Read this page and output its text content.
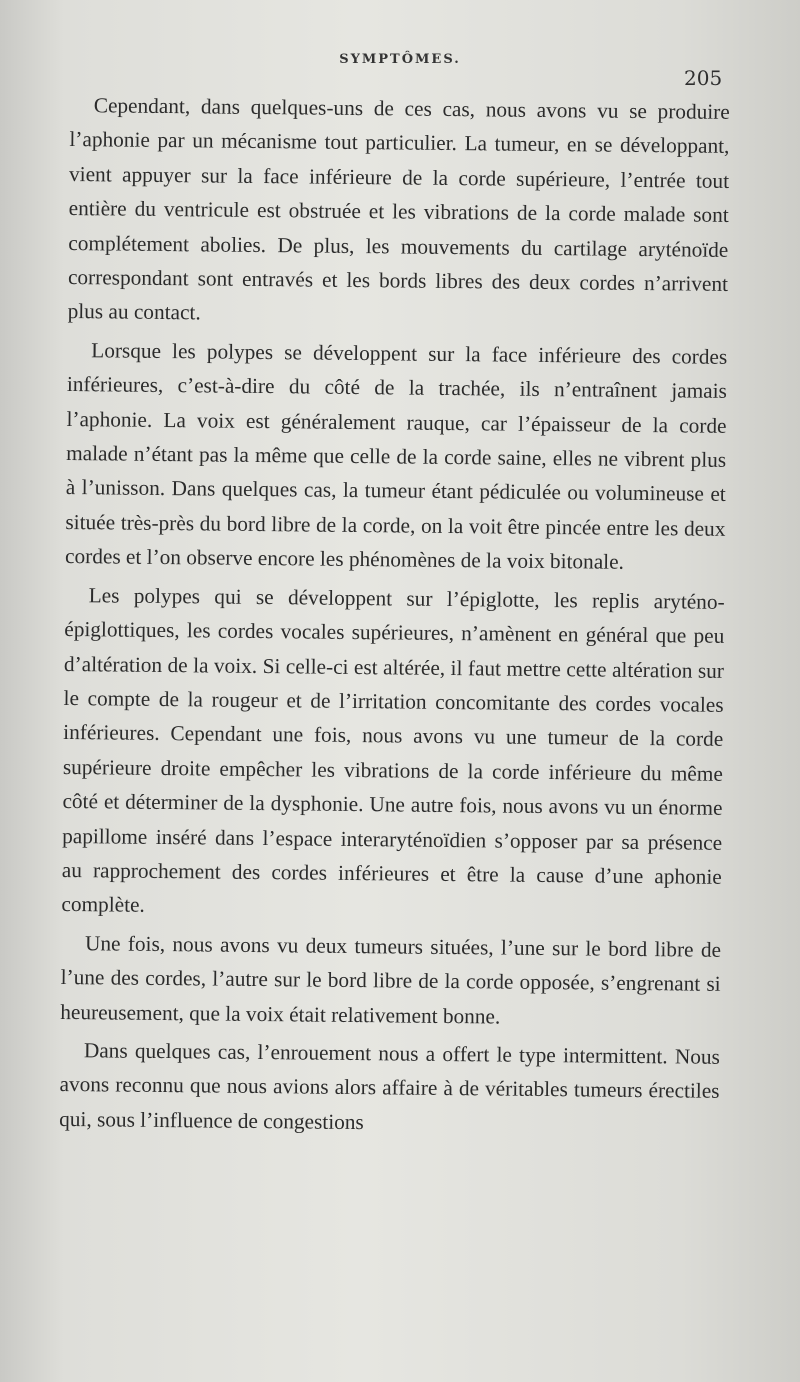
SYMPTÔMES.
205

Cependant, dans quelques-uns de ces cas, nous avons vu se produire l’aphonie par un mécanisme tout particulier. La tumeur, en se développant, vient appuyer sur la face inférieure de la corde supérieure, l’entrée tout entière du ventricule est obstruée et les vibrations de la corde malade sont complétement abolies. De plus, les mouvements du cartilage aryténoïde correspondant sont entravés et les bords libres des deux cordes n’arrivent plus au contact.

Lorsque les polypes se développent sur la face inférieure des cordes inférieures, c’est-à-dire du côté de la trachée, ils n’entraînent jamais l’aphonie. La voix est généralement rauque, car l’épaisseur de la corde malade n’étant pas la même que celle de la corde saine, elles ne vibrent plus à l’unisson. Dans quelques cas, la tumeur étant pédiculée ou volumineuse et située très-près du bord libre de la corde, on la voit être pincée entre les deux cordes et l’on observe encore les phénomènes de la voix bitonale.

Les polypes qui se développent sur l’épiglotte, les replis aryténo-épiglottiques, les cordes vocales supérieures, n’amènent en général que peu d’altération de la voix. Si celle-ci est altérée, il faut mettre cette altération sur le compte de la rougeur et de l’irritation concomitante des cordes vocales inférieures. Cependant une fois, nous avons vu une tumeur de la corde supérieure droite empêcher les vibrations de la corde inférieure du même côté et déterminer de la dysphonie. Une autre fois, nous avons vu un énorme papillome inséré dans l’espace interaryténoïdien s’opposer par sa présence au rapprochement des cordes inférieures et être la cause d’une aphonie complète.

Une fois, nous avons vu deux tumeurs situées, l’une sur le bord libre de l’une des cordes, l’autre sur le bord libre de la corde opposée, s’engrenant si heureusement, que la voix était relativement bonne.

Dans quelques cas, l’enrouement nous a offert le type intermittent. Nous avons reconnu que nous avions alors affaire à de véritables tumeurs érectiles qui, sous l’influence de congestions
